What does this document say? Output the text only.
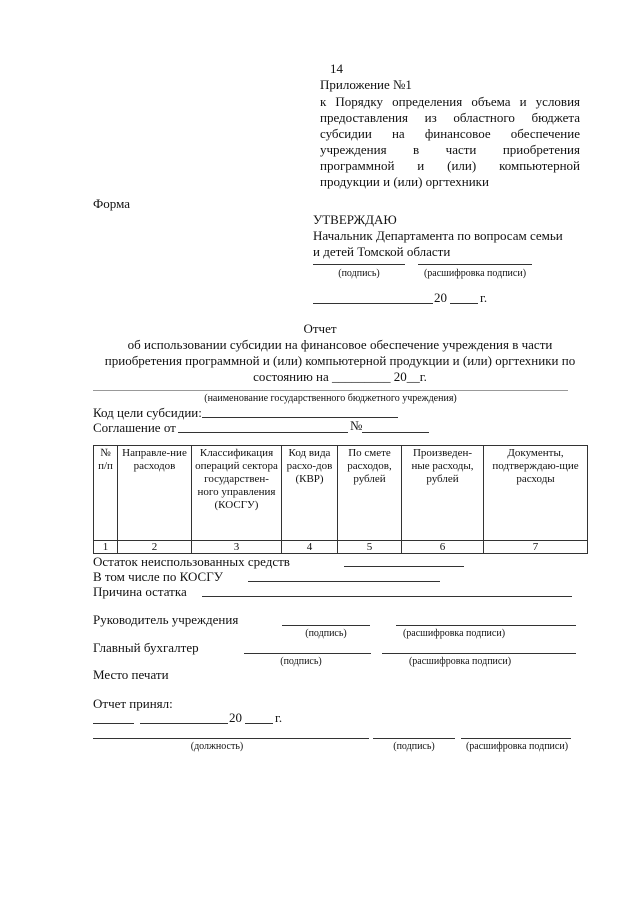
14
Приложение №1
к Порядку определения объема и условия
предоставления из областного бюджета
субсидии на финансовое обеспечение
учреждения в части приобретения
программной и (или) компьютерной
продукции и (или) оргтехники
Форма
УТВЕРЖДАЮ
Начальник Департамента по вопросам семьи
и детей Томской области
(подпись)	(расшифровка подписи)
20	г.
Отчет
об использовании субсидии на финансовое обеспечение учреждения в части
приобретения программной и (или) компьютерной продукции и (или) оргтехники по
состоянию на _________ 20__г.
(наименование государственного бюджетного учреждения)
Код цели субсидии:
Соглашение от	№
№ п/п	Направле-ние расходов	Классификация операций сектора государствен-ного управления (КОСГУ)	Код вида расхо-дов (КВР)	По смете расходов, рублей	Произведен-ные расходы, рублей	Документы, подтверждаю-щие расходы
1	2	3	4	5	6	7
Остаток неиспользованных средств
В том числе по КОСГУ
Причина остатка
Руководитель учреждения
(подпись)	(расшифровка подписи)
Главный бухгалтер
(подпись)	(расшифровка подписи)
Место печати
Отчет принял:
20	г.
(должность)	(подпись)	(расшифровка подписи)
